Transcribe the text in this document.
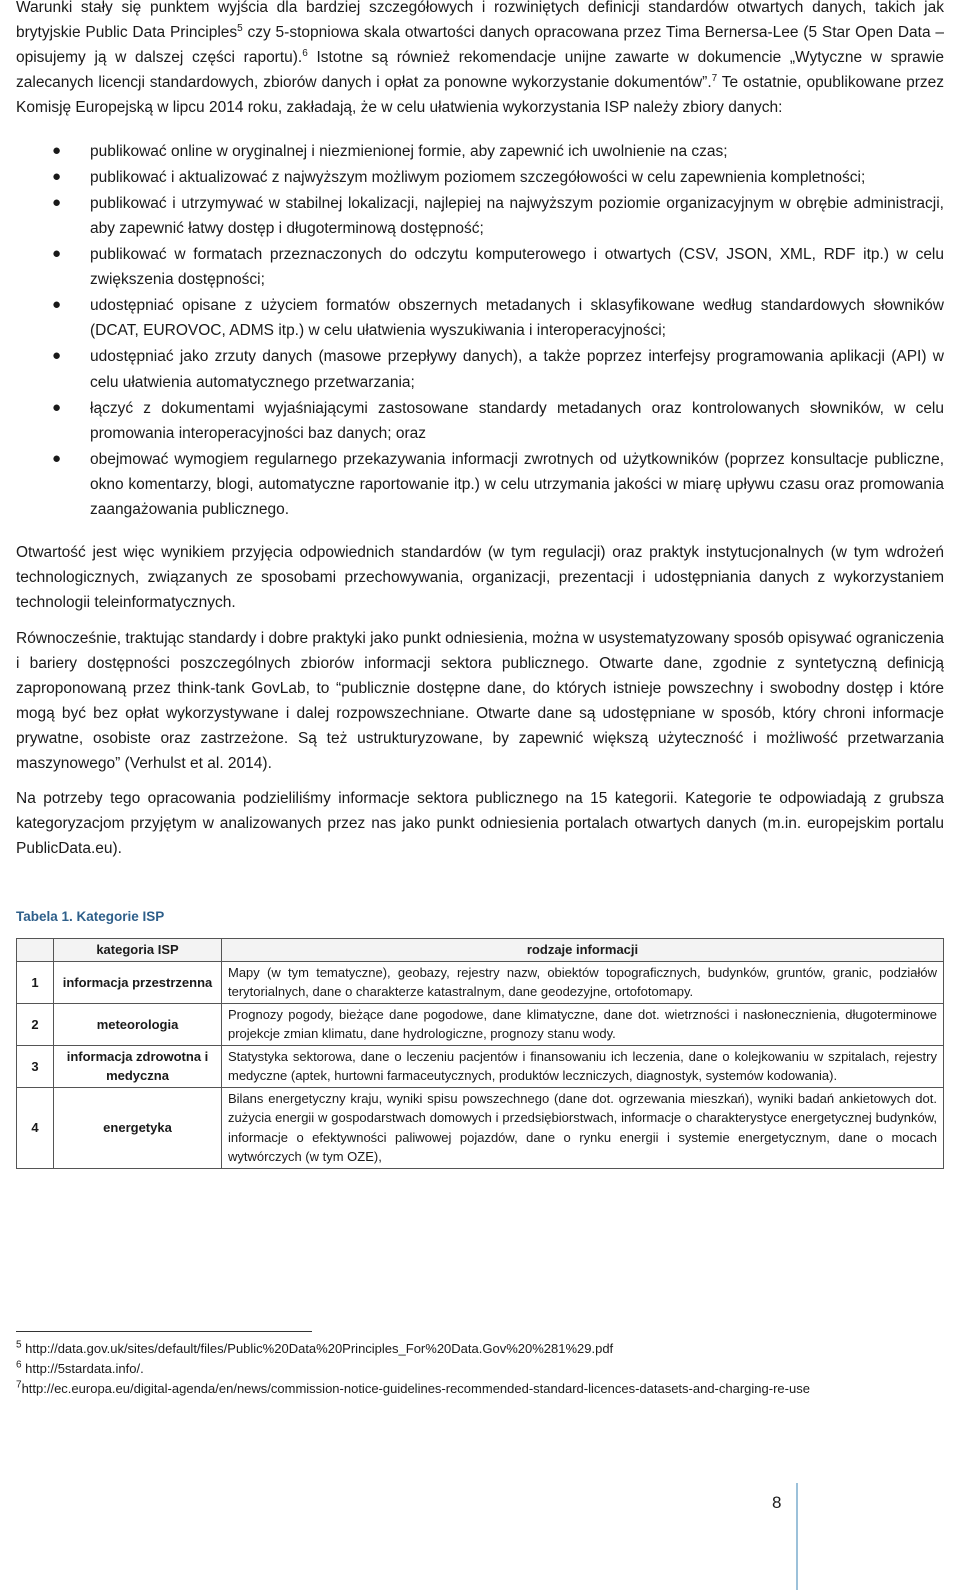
Warunki stały się punktem wyjścia dla bardziej szczegółowych i rozwiniętych definicji standardów otwartych danych, takich jak brytyjskie Public Data Principles$^5$ czy 5-stopniowa skala otwartości danych opracowana przez Tima Bernersa-Lee (5 Star Open Data – opisujemy ją w dalszej części raportu).$^6$ Istotne są również rekomendacje unijne zawarte w dokumencie „Wytyczne w sprawie zalecanych licencji standardowych, zbiorów danych i opłat za ponowne wykorzystanie dokumentów”.$^7$ Te ostatnie, opublikowane przez Komisję Europejską w lipcu 2014 roku, zakładają, że w celu ułatwienia wykorzystania ISP należy zbiory danych:

● publikować online w oryginalnej i niezmienionej formie, aby zapewnić ich uwolnienie na czas;
● publikować i aktualizować z najwyższym możliwym poziomem szczegółowości w celu zapewnienia kompletności;
● publikować i utrzymywać w stabilnej lokalizacji, najlepiej na najwyższym poziomie organizacyjnym w obrębie administracji, aby zapewnić łatwy dostęp i długoterminową dostępność;
● publikować w formatach przeznaczonych do odczytu komputerowego i otwartych (CSV, JSON, XML, RDF itp.) w celu zwiększenia dostępności;
● udostępniać opisane z użyciem formatów obszernych metadanych i sklasyfikowane według standardowych słowników (DCAT, EUROVOC, ADMS itp.) w celu ułatwienia wyszukiwania i interoperacyjności;
● udostępniać jako zrzuty danych (masowe przepływy danych), a także poprzez interfejsy programowania aplikacji (API) w celu ułatwienia automatycznego przetwarzania;
● łączyć z dokumentami wyjaśniającymi zastosowane standardy metadanych oraz kontrolowanych słowników, w celu promowania interoperacyjności baz danych; oraz
● obejmować wymogiem regularnego przekazywania informacji zwrotnych od użytkowników (poprzez konsultacje publiczne, okno komentarzy, blogi, automatyczne raportowanie itp.) w celu utrzymania jakości w miarę upływu czasu oraz promowania zaangażowania publicznego.

Otwartość jest więc wynikiem przyjęcia odpowiednich standardów (w tym regulacji) oraz praktyk instytucjonalnych (w tym wdrożeń technologicznych, związanych ze sposobami przechowywania, organizacji, prezentacji i udostępniania danych z wykorzystaniem technologii teleinformatycznych.

Równocześnie, traktując standardy i dobre praktyki jako punkt odniesienia, można w usystematyzowany sposób opisywać ograniczenia i bariery dostępności poszczególnych zbiorów informacji sektora publicznego. Otwarte dane, zgodnie z syntetyczną definicją zaproponowaną przez think-tank GovLab, to “publicznie dostępne dane, do których istnieje powszechny i swobodny dostęp i które mogą być bez opłat wykorzystywane i dalej rozpowszechniane. Otwarte dane są udostępniane w sposób, który chroni informacje prywatne, osobiste oraz zastrzeżone. Są też ustrukturyzowane, by zapewnić większą użyteczność i możliwość przetwarzania maszynowego” (Verhulst et al. 2014).

Na potrzeby tego opracowania podzieliliśmy informacje sektora publicznego na 15 kategorii. Kategorie te odpowiadają z grubsza kategoryzacjom przyjętym w analizowanych przez nas jako punkt odniesienia portalach otwartych danych (m.in. europejskim portalu PublicData.eu).

Tabela 1. Kategorie ISP
	kategoria ISP	rodzaje informacji
1	informacja przestrzenna	Mapy (w tym tematyczne), geobazy, rejestry nazw, obiektów topograficznych, budynków, gruntów, granic, podziałów terytorialnych, dane o charakterze katastralnym, dane geodezyjne, ortofotomapy.
2	meteorologia	Prognozy pogody, bieżące dane pogodowe, dane klimatyczne, dane dot. wietrzności i nasłonecznienia, długoterminowe projekcje zmian klimatu, dane hydrologiczne, prognozy stanu wody.
3	informacja zdrowotna i medyczna	Statystyka sektorowa, dane o leczeniu pacjentów i finansowaniu ich leczenia, dane o kolejkowaniu w szpitalach, rejestry medyczne (aptek, hurtowni farmaceutycznych, produktów leczniczych, diagnostyk, systemów kodowania).
4	energetyka	Bilans energetyczny kraju, wyniki spisu powszechnego (dane dot. ogrzewania mieszkań), wyniki badań ankietowych dot. zużycia energii w gospodarstwach domowych i przedsiębiorstwach, informacje o charakterystyce energetycznej budynków, informacje o efektywności paliwowej pojazdów, dane o rynku energii i systemie energetycznym, dane o mocach wytwórczych (w tym OZE),
$^5$ http://data.gov.uk/sites/default/files/Public%20Data%20Principles_For%20Data.Gov%20%281%29.pdf
$^6$ http://5stardata.info/.
$^7$http://ec.europa.eu/digital-agenda/en/news/commission-notice-guidelines-recommended-standard-licences-datasets-and-charging-re-use
8
